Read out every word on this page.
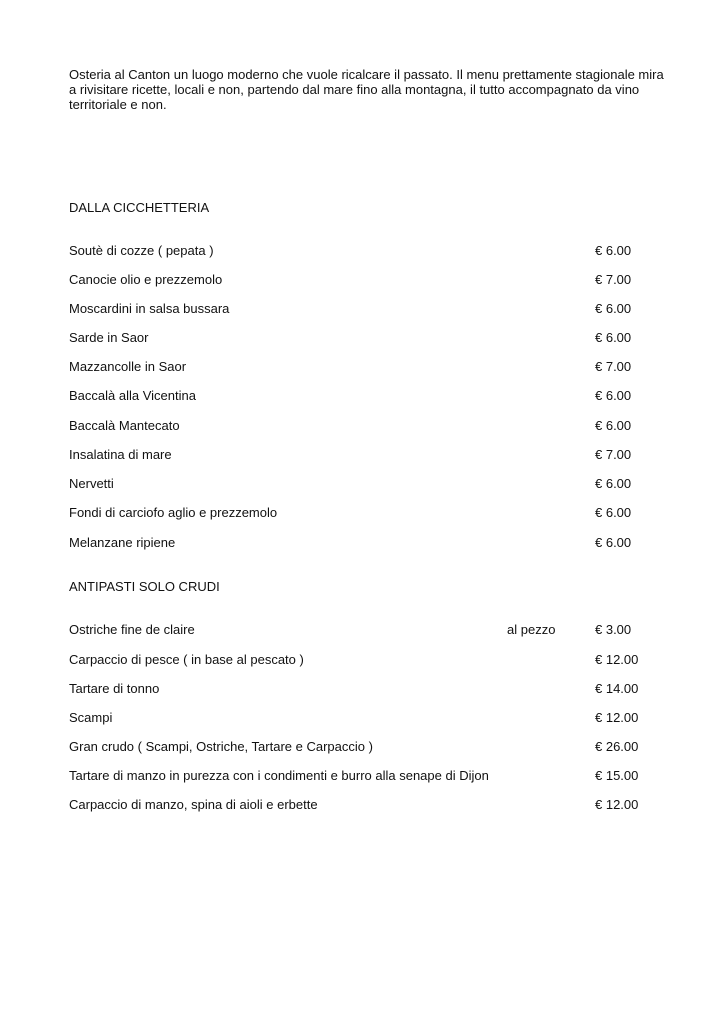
Osteria al Canton un luogo moderno che vuole ricalcare il passato. Il menu prettamente stagionale mira a rivisitare ricette, locali e non, partendo dal mare fino alla montagna, il tutto accompagnato da vino territoriale e non.

DALLA CICCHETTERIA
Soutè di cozze ( pepata )	€ 6.00
Canocie olio e prezzemolo	€ 7.00
Moscardini in salsa bussara	€ 6.00
Sarde in Saor	€ 6.00
Mazzancolle in Saor	€ 7.00
Baccalà alla Vicentina	€ 6.00
Baccalà Mantecato	€ 6.00
Insalatina di mare	€ 7.00
Nervetti	€ 6.00
Fondi di carciofo aglio e prezzemolo	€ 6.00
Melanzane ripiene	€ 6.00
ANTIPASTI SOLO CRUDI
Ostriche fine de claire	al pezzo	€ 3.00
Carpaccio di pesce ( in base al pescato )	€ 12.00
Tartare di tonno	€ 14.00
Scampi	€ 12.00
Gran crudo ( Scampi, Ostriche, Tartare e Carpaccio )	€ 26.00
Tartare di manzo in purezza con i condimenti e burro alla senape di Dijon	€ 15.00
Carpaccio di manzo, spina di aioli e erbette	€ 12.00
